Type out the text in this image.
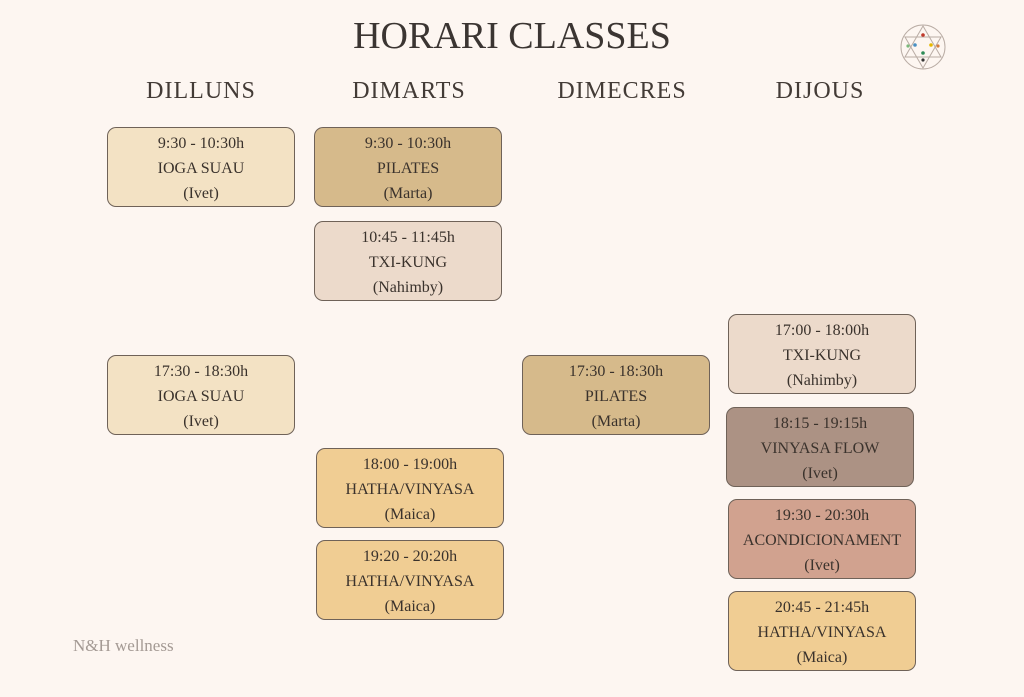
HORARI CLASSES
DILLUNS	DIMARTS	DIMECRES	DIJOUS
9:30 - 10:30h
IOGA SUAU
(Ivet)
17:30 - 18:30h
IOGA SUAU
(Ivet)
9:30 - 10:30h
PILATES
(Marta)
10:45 - 11:45h
TXI-KUNG
(Nahimby)
18:00 - 19:00h
HATHA/VINYASA
(Maica)
19:20 - 20:20h
HATHA/VINYASA
(Maica)
17:30 - 18:30h
PILATES
(Marta)
17:00 - 18:00h
TXI-KUNG
(Nahimby)
18:15 - 19:15h
VINYASA FLOW
(Ivet)
19:30 - 20:30h
ACONDICIONAMENT
(Ivet)
20:45 - 21:45h
HATHA/VINYASA
(Maica)
N&H wellness
